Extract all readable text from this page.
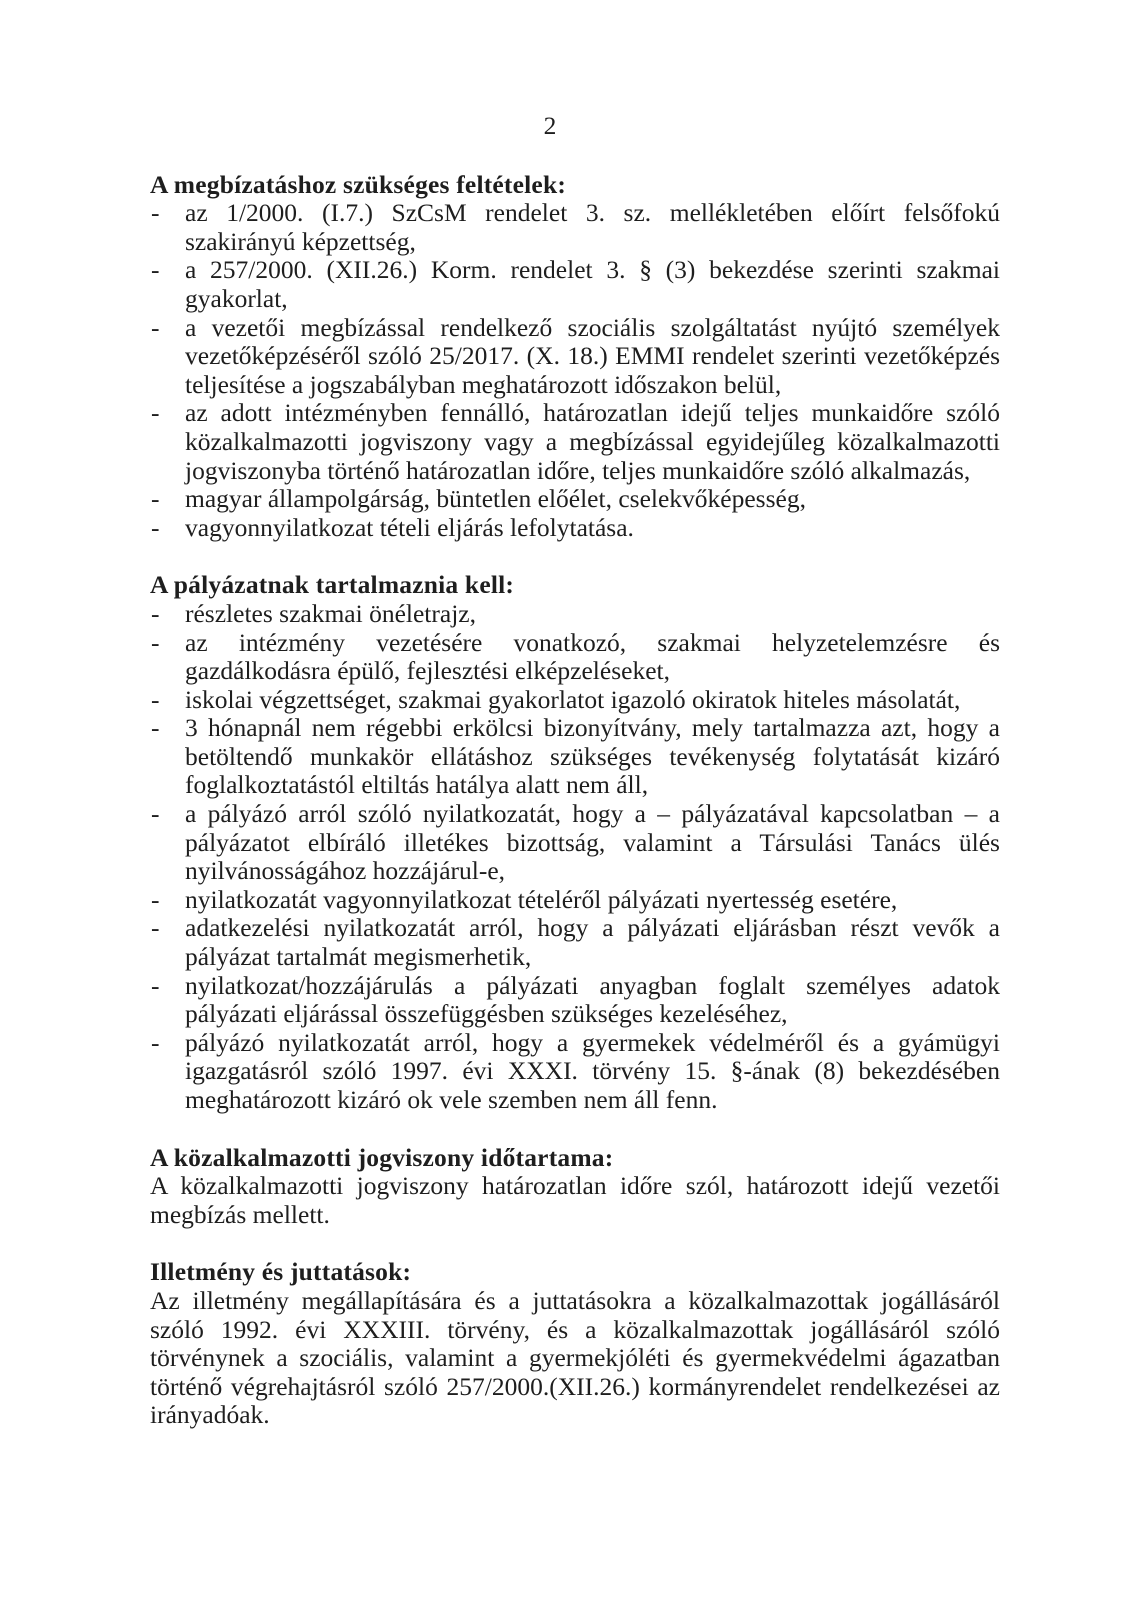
2
A megbízatáshoz szükséges feltételek:
- az 1/2000. (I.7.) SzCsM rendelet 3. sz. mellékletében előírt felsőfokú szakirányú képzettség,
- a 257/2000. (XII.26.) Korm. rendelet 3. § (3) bekezdése szerinti szakmai gyakorlat,
- a vezetői megbízással rendelkező szociális szolgáltatást nyújtó személyek vezetőképzéséről szóló 25/2017. (X. 18.) EMMI rendelet szerinti vezetőképzés teljesítése a jogszabályban meghatározott időszakon belül,
- az adott intézményben fennálló, határozatlan idejű teljes munkaidőre szóló közalkalmazotti jogviszony vagy a megbízással egyidejűleg közalkalmazotti jogviszonyba történő határozatlan időre, teljes munkaidőre szóló alkalmazás,
- magyar állampolgárság, büntetlen előélet, cselekvőképesség,
- vagyonnyilatkozat tételi eljárás lefolytatása.
A pályázatnak tartalmaznia kell:
- részletes szakmai önéletrajz,
- az intézmény vezetésére vonatkozó, szakmai helyzetelemzésre és gazdálkodásra épülő, fejlesztési elképzeléseket,
- iskolai végzettséget, szakmai gyakorlatot igazoló okiratok hiteles másolatát,
- 3 hónapnál nem régebbi erkölcsi bizonyítvány, mely tartalmazza azt, hogy a betöltendő munkakör ellátáshoz szükséges tevékenység folytatását kizáró foglalkoztatástól eltiltás hatálya alatt nem áll,
- a pályázó arról szóló nyilatkozatát, hogy a – pályázatával kapcsolatban – a pályázatot elbíráló illetékes bizottság, valamint a Társulási Tanács ülés nyilvánosságához hozzájárul-e,
- nyilatkozatát vagyonnyilatkozat tételéről pályázati nyertesség esetére,
- adatkezelési nyilatkozatát arról, hogy a pályázati eljárásban részt vevők a pályázat tartalmát megismerhetik,
- nyilatkozat/hozzájárulás a pályázati anyagban foglalt személyes adatok pályázati eljárással összefüggésben szükséges kezeléséhez,
- pályázó nyilatkozatát arról, hogy a gyermekek védelméről és a gyámügyi igazgatásról szóló 1997. évi XXXI. törvény 15. §-ának (8) bekezdésében meghatározott kizáró ok vele szemben nem áll fenn.
A közalkalmazotti jogviszony időtartama:
A közalkalmazotti jogviszony határozatlan időre szól, határozott idejű vezetői megbízás mellett.
Illetmény és juttatások:
Az illetmény megállapítására és a juttatásokra a közalkalmazottak jogállásáról szóló 1992. évi XXXIII. törvény, és a közalkalmazottak jogállásáról szóló törvénynek a szociális, valamint a gyermekjóléti és gyermekvédelmi ágazatban történő végrehajtásról szóló 257/2000.(XII.26.) kormányrendelet rendelkezései az irányadóak.
